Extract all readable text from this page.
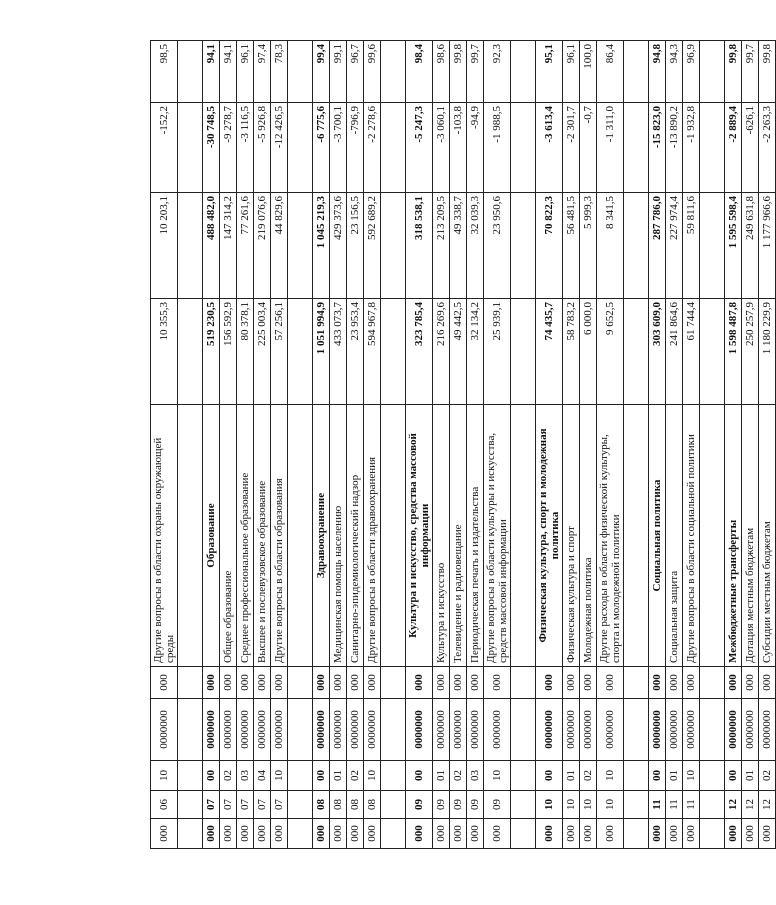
000	06	10	0000000	000	Другие вопросы в области охраны окружающей среды	10 355,3	10 203,1	-152,2	98,5

000	07	00	0000000	000	Образование	519 230,5	488 482,0	-30 748,5	94,1
000	07	02	0000000	000	Общее образование	156 592,9	147 314,2	-9 278,7	94,1
000	07	03	0000000	000	Среднее профессиональное образование	80 378,1	77 261,6	-3 116,5	96,1
000	07	04	0000000	000	Высшее и послевузовское образование	225 003,4	219 076,6	-5 926,8	97,4
000	07	10	0000000	000	Другие вопросы в области образования	57 256,1	44 829,6	-12 426,5	78,3

000	08	00	0000000	000	Здравоохранение	1 051 994,9	1 045 219,3	-6 775,6	99,4
000	08	01	0000000	000	Медицинская помощь населению	433 073,7	429 373,6	-3 700,1	99,1
000	08	02	0000000	000	Санитарно-эпидемиологический надзор	23 953,4	23 156,5	-796,9	96,7
000	08	10	0000000	000	Другие вопросы в области здравоохранения	594 967,8	592 689,2	-2 278,6	99,6

000	09	00	0000000	000	Культура и искусство, средства массовой информации	323 785,4	318 538,1	-5 247,3	98,4
000	09	01	0000000	000	Культура и искусство	216 269,6	213 209,5	-3 060,1	98,6
000	09	02	0000000	000	Телевидение и радиовещание	49 442,5	49 338,7	-103,8	99,8
000	09	03	0000000	000	Периодическая печать и издательства	32 134,2	32 039,3	-94,9	99,7
000	09	10	0000000	000	Другие вопросы в области культуры и искусства, средств массовой информации	25 939,1	23 950,6	-1 988,5	92,3

000	10	00	0000000	000	Физическая культура, спорт и молодежная политика	74 435,7	70 822,3	-3 613,4	95,1
000	10	01	0000000	000	Физическая культура и спорт	58 783,2	56 481,5	-2 301,7	96,1
000	10	02	0000000	000	Молодежная политика	6 000,0	5 999,3	-0,7	100,0
000	10	10	0000000	000	Другие расходы в области физической культуры, спорта и молодежной политики	9 652,5	8 341,5	-1 311,0	86,4

000	11	00	0000000	000	Социальная политика	303 609,0	287 786,0	-15 823,0	94,8
000	11	01	0000000	000	Социальная защита	241 864,6	227 974,4	-13 890,2	94,3
000	11	10	0000000	000	Другие вопросы в области социальной политики	61 744,4	59 811,6	-1 932,8	96,9

000	12	00	0000000	000	Межбюджетные трансферты	1 598 487,8	1 595 598,4	-2 889,4	99,8
000	12	01	0000000	000	Дотация местным бюджетам	250 257,9	249 631,8	-626,1	99,7
000	12	02	0000000	000	Субсидии местным бюджетам	1 180 229,9	1 177 966,6	-2 263,3	99,8
